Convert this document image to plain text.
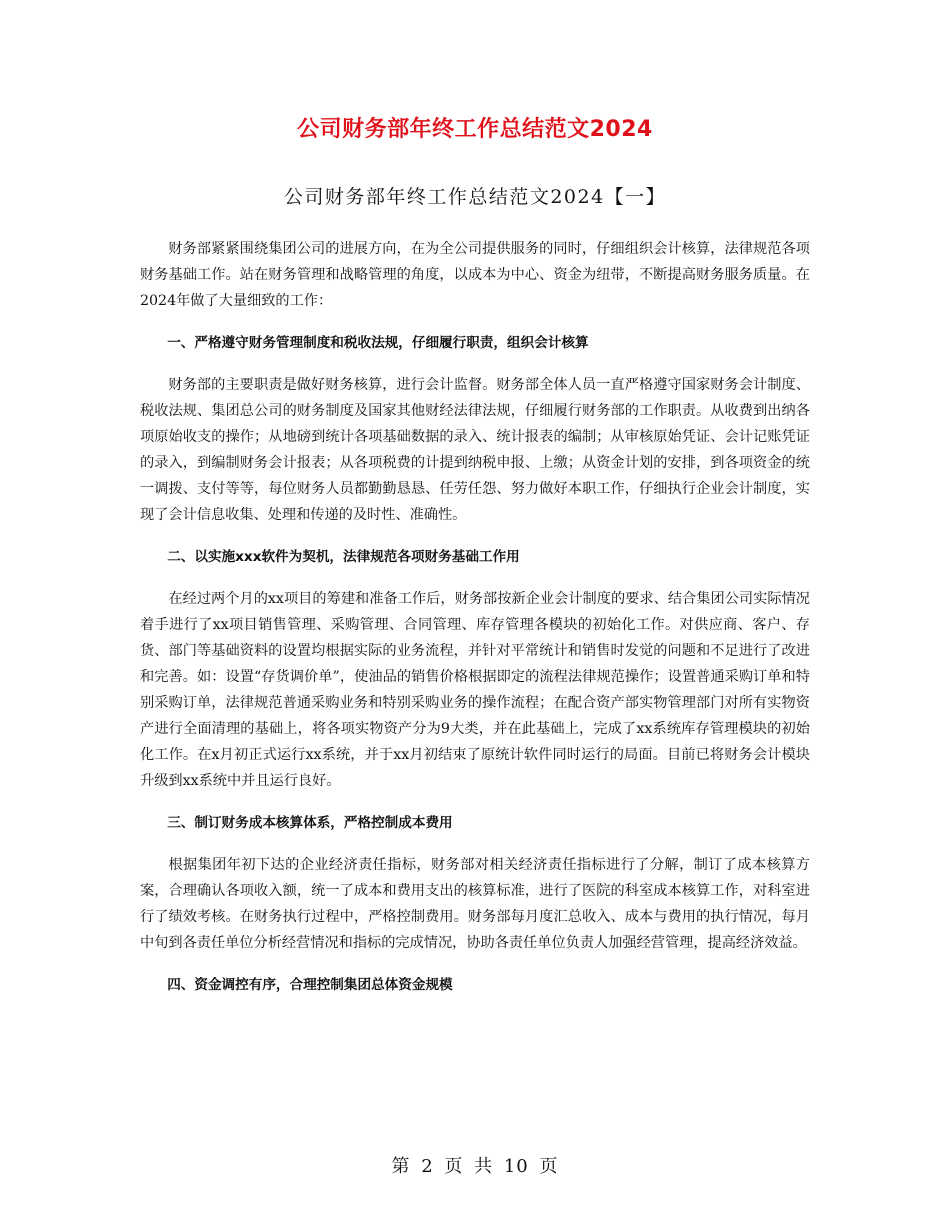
公司财务部年终工作总结范文2024
公司财务部年终工作总结范文2024【一】

财务部紧紧围绕集团公司的进展方向，在为全公司提供服务的同时，仔细组织会计核算，法律规范各项财务基础工作。站在财务管理和战略管理的角度，以成本为中心、资金为纽带，不断提高财务服务质量。在2024年做了大量细致的工作：

一、严格遵守财务管理制度和税收法规，仔细履行职责，组织会计核算

财务部的主要职责是做好财务核算，进行会计监督。财务部全体人员一直严格遵守国家财务会计制度、税收法规、集团总公司的财务制度及国家其他财经法律法规，仔细履行财务部的工作职责。从收费到出纳各项原始收支的操作；从地磅到统计各项基础数据的录入、统计报表的编制；从审核原始凭证、会计记账凭证的录入，到编制财务会计报表；从各项税费的计提到纳税申报、上缴；从资金计划的安排，到各项资金的统一调拨、支付等等，每位财务人员都勤勤恳恳、任劳任怨、努力做好本职工作，仔细执行企业会计制度，实现了会计信息收集、处理和传递的及时性、准确性。

二、以实施xxx软件为契机，法律规范各项财务基础工作用

在经过两个月的xx项目的筹建和准备工作后，财务部按新企业会计制度的要求、结合集团公司实际情况着手进行了xx项目销售管理、采购管理、合同管理、库存管理各模块的初始化工作。对供应商、客户、存货、部门等基础资料的设置均根据实际的业务流程，并针对平常统计和销售时发觉的问题和不足进行了改进和完善。如：设置“存货调价单”，使油品的销售价格根据即定的流程法律规范操作；设置普通采购订单和特别采购订单，法律规范普通采购业务和特别采购业务的操作流程；在配合资产部实物管理部门对所有实物资产进行全面清理的基础上，将各项实物资产分为9大类，并在此基础上，完成了xx系统库存管理模块的初始化工作。在x月初正式运行xx系统，并于xx月初结束了原统计软件同时运行的局面。目前已将财务会计模块升级到xx系统中并且运行良好。

三、制订财务成本核算体系，严格控制成本费用

根据集团年初下达的企业经济责任指标，财务部对相关经济责任指标进行了分解，制订了成本核算方案，合理确认各项收入额，统一了成本和费用支出的核算标准，进行了医院的科室成本核算工作，对科室进行了绩效考核。在财务执行过程中，严格控制费用。财务部每月度汇总收入、成本与费用的执行情况，每月中旬到各责任单位分析经营情况和指标的完成情况，协助各责任单位负责人加强经营管理，提高经济效益。

四、资金调控有序，合理控制集团总体资金规模

第 2 页 共 10 页
